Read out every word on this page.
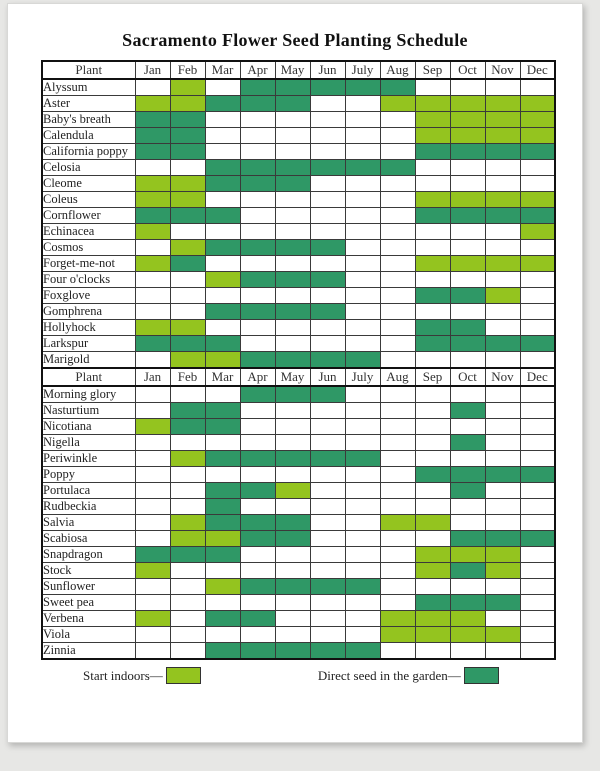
Sacramento Flower Seed Planting Schedule
Plant	Jan	Feb	Mar	Apr	May	Jun	July	Aug	Sep	Oct	Nov	Dec
Alyssum												
Aster												
Baby's breath												
Calendula												
California poppy												
Celosia												
Cleome												
Coleus												
Cornflower												
Echinacea												
Cosmos												
Forget-me-not												
Four o'clocks												
Foxglove												
Gomphrena												
Hollyhock												
Larkspur												
Marigold												
Plant	Jan	Feb	Mar	Apr	May	Jun	July	Aug	Sep	Oct	Nov	Dec
Morning glory												
Nasturtium												
Nicotiana												
Nigella												
Periwinkle												
Poppy												
Portulaca												
Rudbeckia												
Salvia												
Scabiosa												
Snapdragon												
Stock												
Sunflower												
Sweet pea												
Verbena												
Viola												
Zinnia												
Start indoors—	Direct seed in the garden—
